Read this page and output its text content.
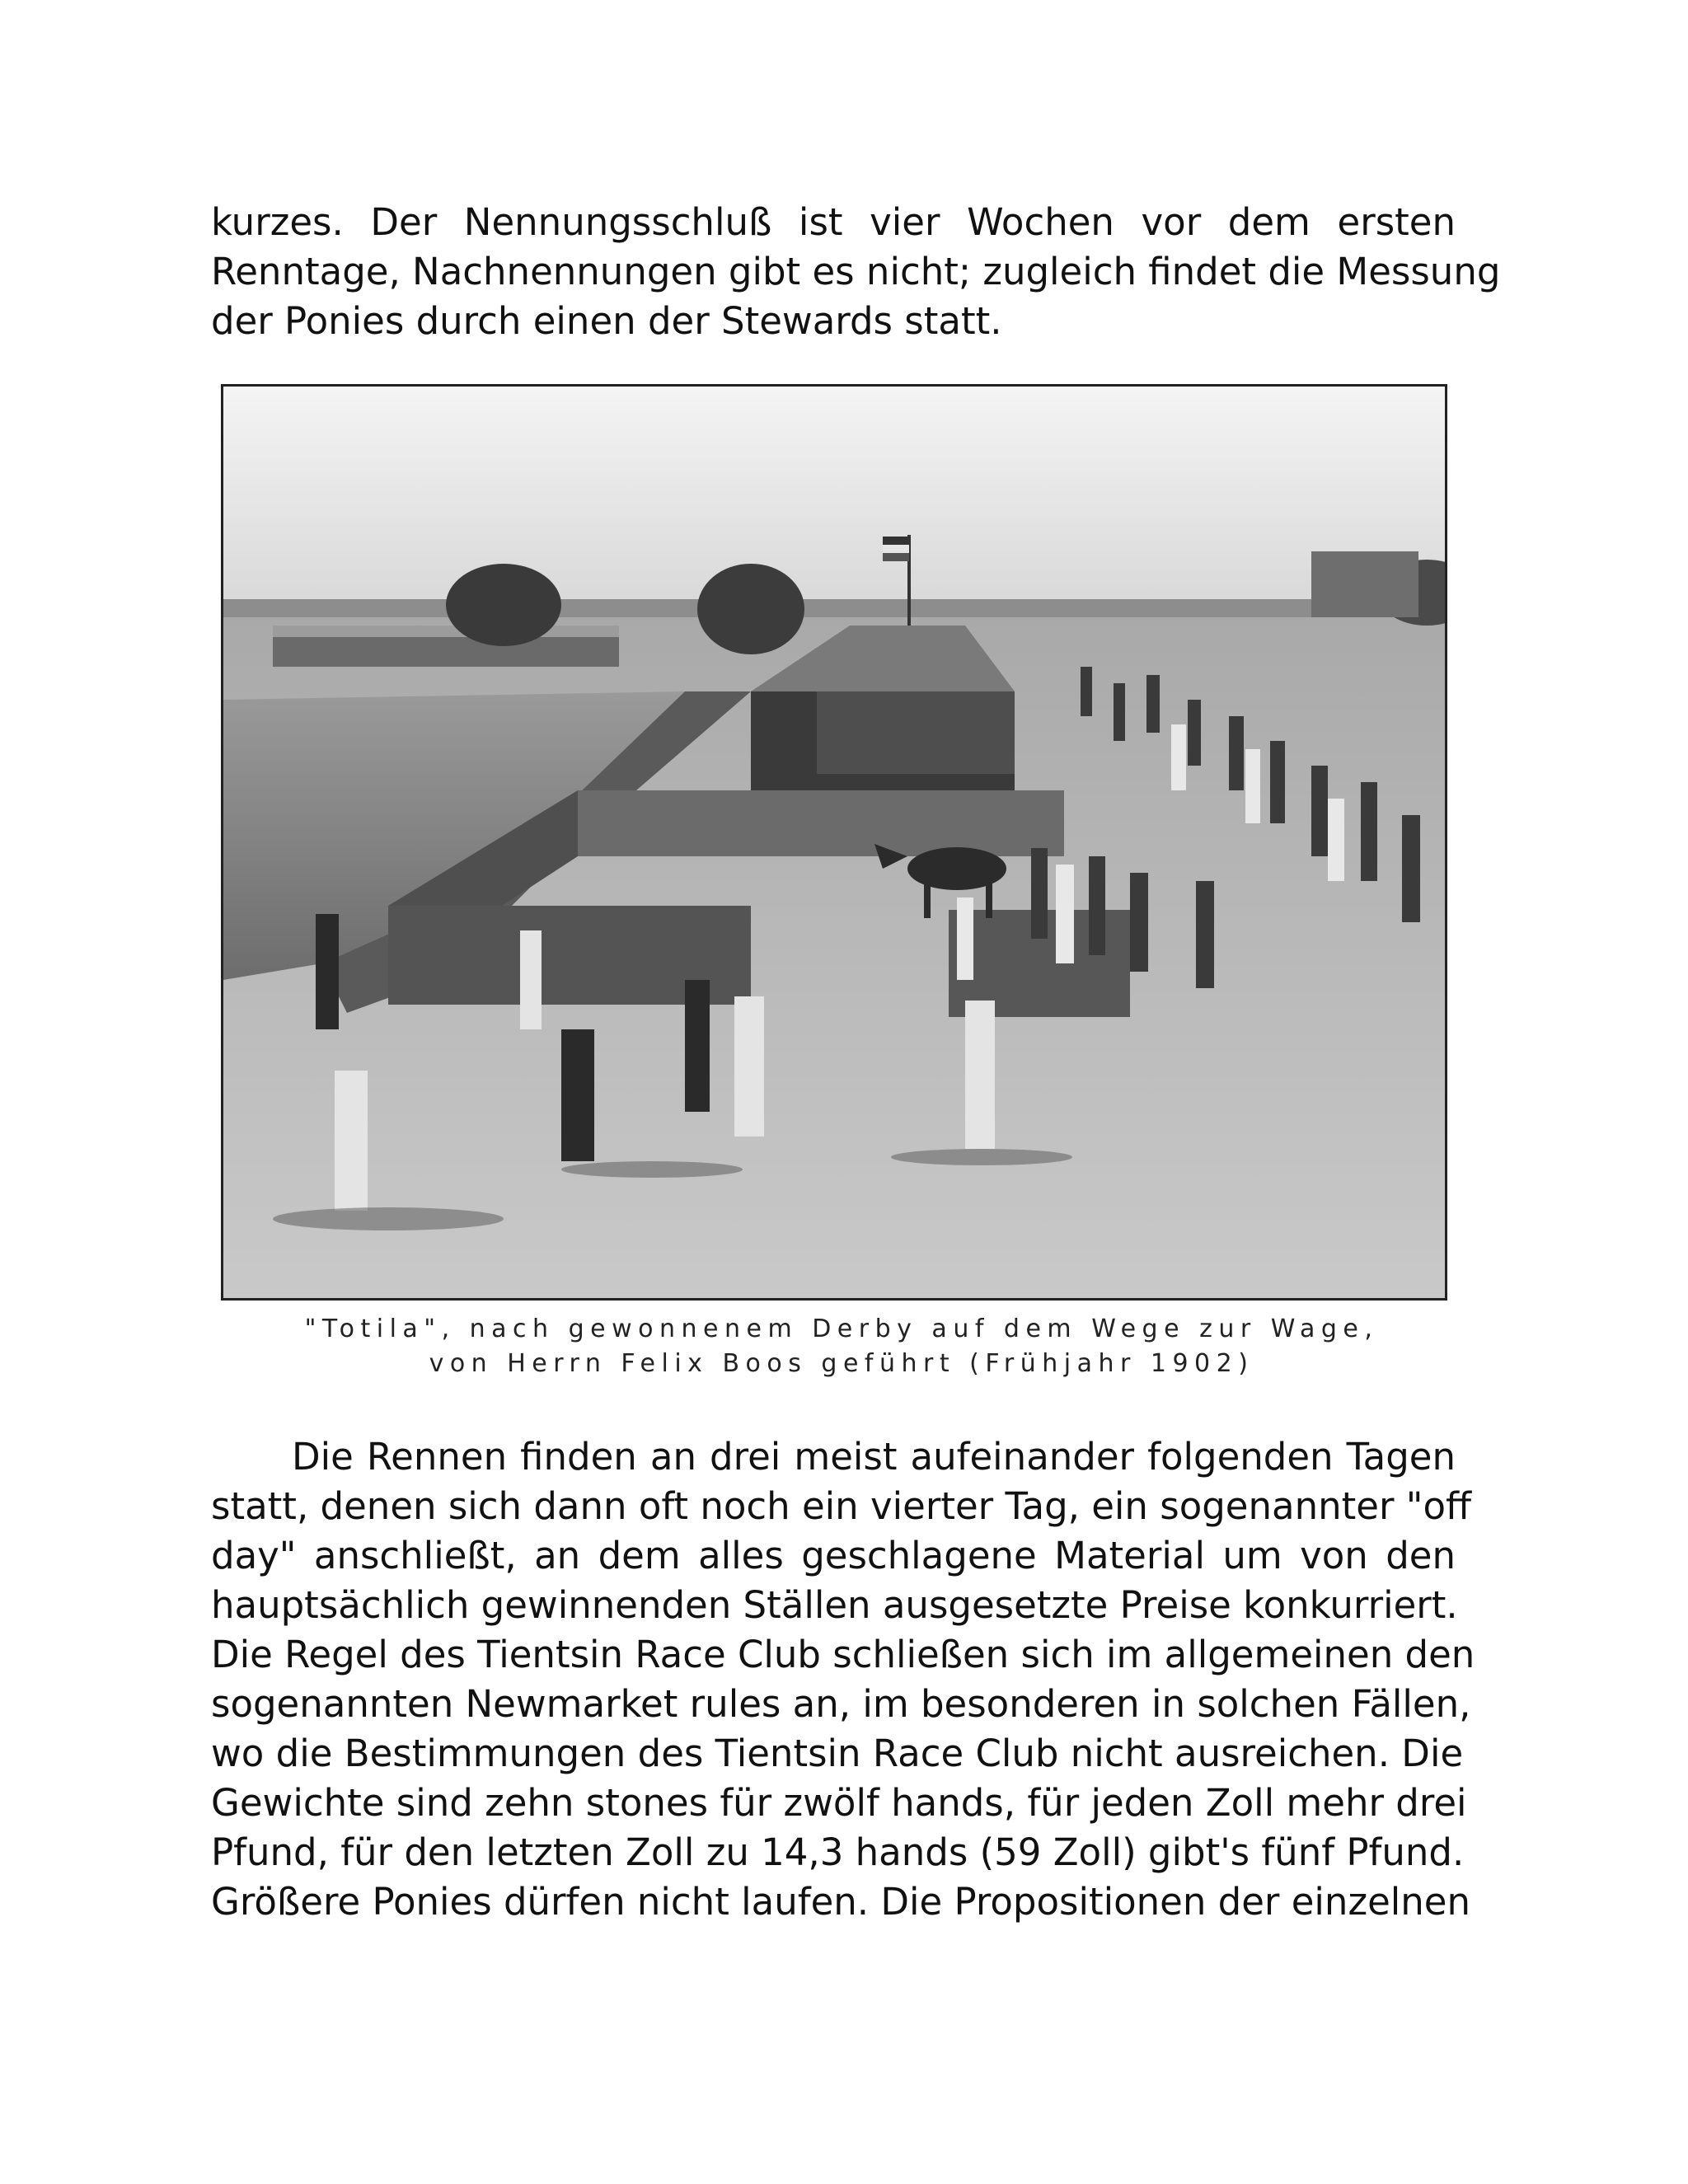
kurzes. Der Nennungsschluß ist vier Wochen vor dem ersten
Renntage, Nachnennungen gibt es nicht; zugleich findet die Messung
der Ponies durch einen der Stewards statt.

"Totila", nach gewonnenem Derby auf dem Wege zur Wage,
von Herrn Felix Boos geführt (Frühjahr 1902)

Die Rennen finden an drei meist aufeinander folgenden Tagen
statt, denen sich dann oft noch ein vierter Tag, ein sogenannter "off
day" anschließt, an dem alles geschlagene Material um von den
hauptsächlich gewinnenden Ställen ausgesetzte Preise konkurriert.
Die Regel des Tientsin Race Club schließen sich im allgemeinen den
sogenannten Newmarket rules an, im besonderen in solchen Fällen,
wo die Bestimmungen des Tientsin Race Club nicht ausreichen. Die
Gewichte sind zehn stones für zwölf hands, für jeden Zoll mehr drei
Pfund, für den letzten Zoll zu 14,3 hands (59 Zoll) gibt's fünf Pfund.
Größere Ponies dürfen nicht laufen. Die Propositionen der einzelnen
